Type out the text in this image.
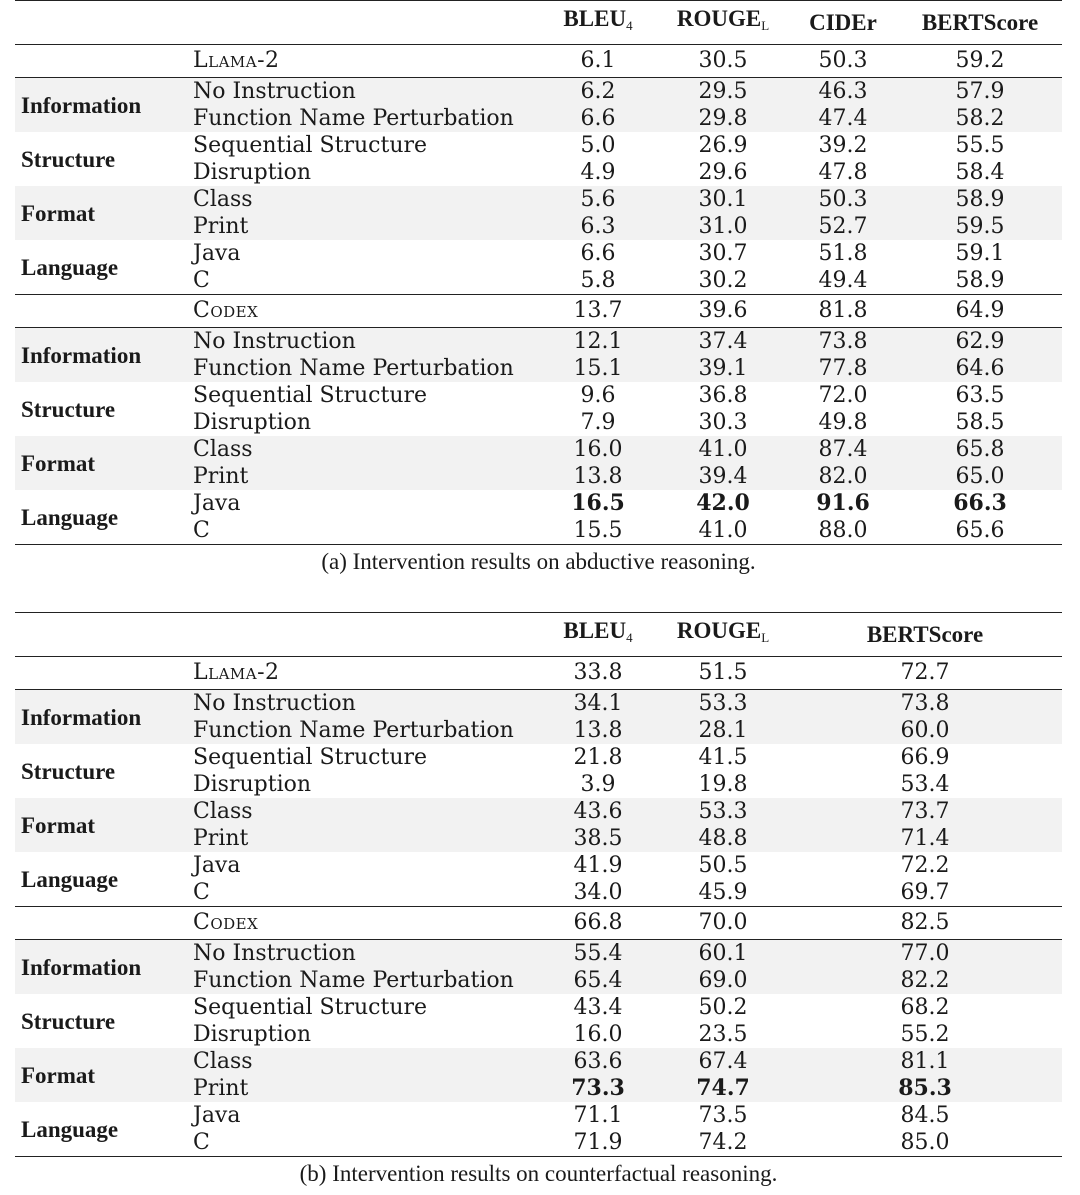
		$BLEU_4$	$ROUGE_L$	CIDEr	BERTScore
	Llama-2	6.1	30.5	50.3	59.2
Information	No Instruction	6.2	29.5	46.3	57.9
	Function Name Perturbation	6.6	29.8	47.4	58.2
Structure	Sequential Structure	5.0	26.9	39.2	55.5
	Disruption	4.9	29.6	47.8	58.4
Format	Class	5.6	30.1	50.3	58.9
	Print	6.3	31.0	52.7	59.5
Language	Java	6.6	30.7	51.8	59.1
	C	5.8	30.2	49.4	58.9
	Codex	13.7	39.6	81.8	64.9
Information	No Instruction	12.1	37.4	73.8	62.9
	Function Name Perturbation	15.1	39.1	77.8	64.6
Structure	Sequential Structure	9.6	36.8	72.0	63.5
	Disruption	7.9	30.3	49.8	58.5
Format	Class	16.0	41.0	87.4	65.8
	Print	13.8	39.4	82.0	65.0
Language	Java	16.5	42.0	91.6	66.3
	C	15.5	41.0	88.0	65.6
(a) Intervention results on abductive reasoning.
		$BLEU_4$	$ROUGE_L$	BERTScore
	Llama-2	33.8	51.5	72.7
Information	No Instruction	34.1	53.3	73.8
	Function Name Perturbation	13.8	28.1	60.0
Structure	Sequential Structure	21.8	41.5	66.9
	Disruption	3.9	19.8	53.4
Format	Class	43.6	53.3	73.7
	Print	38.5	48.8	71.4
Language	Java	41.9	50.5	72.2
	C	34.0	45.9	69.7
	Codex	66.8	70.0	82.5
Information	No Instruction	55.4	60.1	77.0
	Function Name Perturbation	65.4	69.0	82.2
Structure	Sequential Structure	43.4	50.2	68.2
	Disruption	16.0	23.5	55.2
Format	Class	63.6	67.4	81.1
	Print	73.3	74.7	85.3
Language	Java	71.1	73.5	84.5
	C	71.9	74.2	85.0
(b) Intervention results on counterfactual reasoning.
